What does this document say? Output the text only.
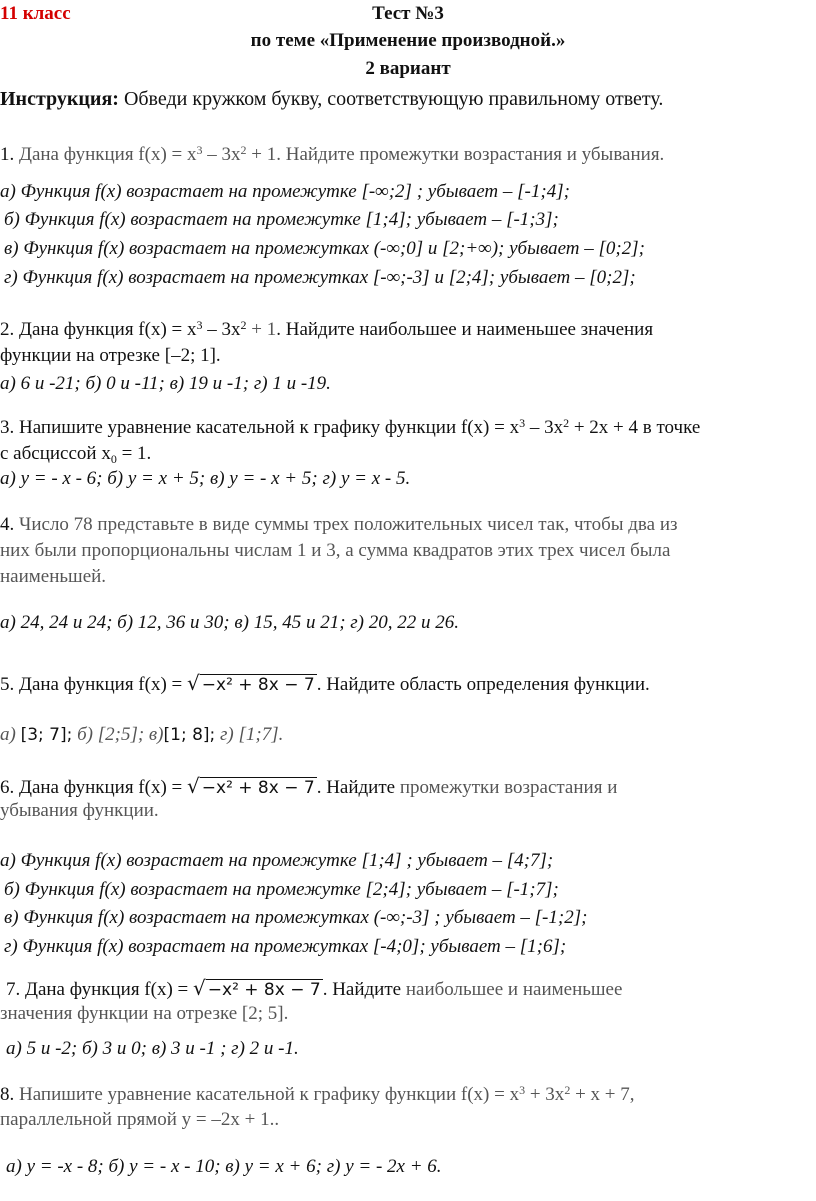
11 класс	Тест №3
по теме «Применение производной.»
2 вариант
Инструкция: Обведи кружком букву, соответствующую правильному ответу.
1. Дана функция $f(x) = x^3 - 3x^2 + 1$. Найдите промежутки возрастания и убывания.
а) Функция f(x) возрастает на промежутке [-∞;2] ; убывает – [-1;4];
б) Функция f(x) возрастает на промежутке [1;4]; убывает – [-1;3];
в) Функция f(x) возрастает на промежутках (-∞;0] и [2;+∞); убывает – [0;2];
г) Функция f(x) возрастает на промежутках [-∞;-3] и [2;4]; убывает – [0;2];
2. Дана функция $f(x) = x^3 - 3x^2 + 1$. Найдите наибольшее и наименьшее значения
функции на отрезке [–2; 1].
а) 6 и -21; б) 0 и -11; в) 19 и -1; г) 1 и -19.
3. Напишите уравнение касательной к графику функции $f(x) = x^3 - 3x^2 + 2x + 4$ в точке
с абсциссой $x_0 = 1$.
а) y = - x - 6; б) y = x + 5; в) y = - x + 5; г) y = x - 5.
4. Число 78 представьте в виде суммы трех положительных чисел так, чтобы два из
них были пропорциональны числам 1 и 3, а сумма квадратов этих трех чисел была
наименьшей.
а) 24, 24 и 24; б) 12, 36 и 30; в) 15, 45 и 21; г) 20, 22 и 26.
5. Дана функция f(x) = √ −x² + 8x − 7 . Найдите область определения функции.
а) [3; 7]; б) [2;5]; в)[1; 8]; г) [1;7].
6. Дана функция f(x) = √ −x² + 8x − 7 . Найдите промежутки возрастания и
убывания функции.
а) Функция f(x) возрастает на промежутке [1;4] ; убывает – [4;7];
б) Функция f(x) возрастает на промежутке [2;4]; убывает – [-1;7];
в) Функция f(x) возрастает на промежутках (-∞;-3] ; убывает – [-1;2];
г) Функция f(x) возрастает на промежутках [-4;0]; убывает – [1;6];
7. Дана функция f(x) = √ −x² + 8x − 7 . Найдите наибольшее и наименьшее
значения функции на отрезке [2; 5].
а) 5 и -2; б) 3 и 0; в) 3 и -1 ; г) 2 и -1.
8. Напишите уравнение касательной к графику функции $f(x) = x^3 + 3x^2 + x + 7$,
параллельной прямой y = –2x + 1..
а) y = -x - 8; б) y = - x - 10; в) y = x + 6; г) y = - 2x + 6.
